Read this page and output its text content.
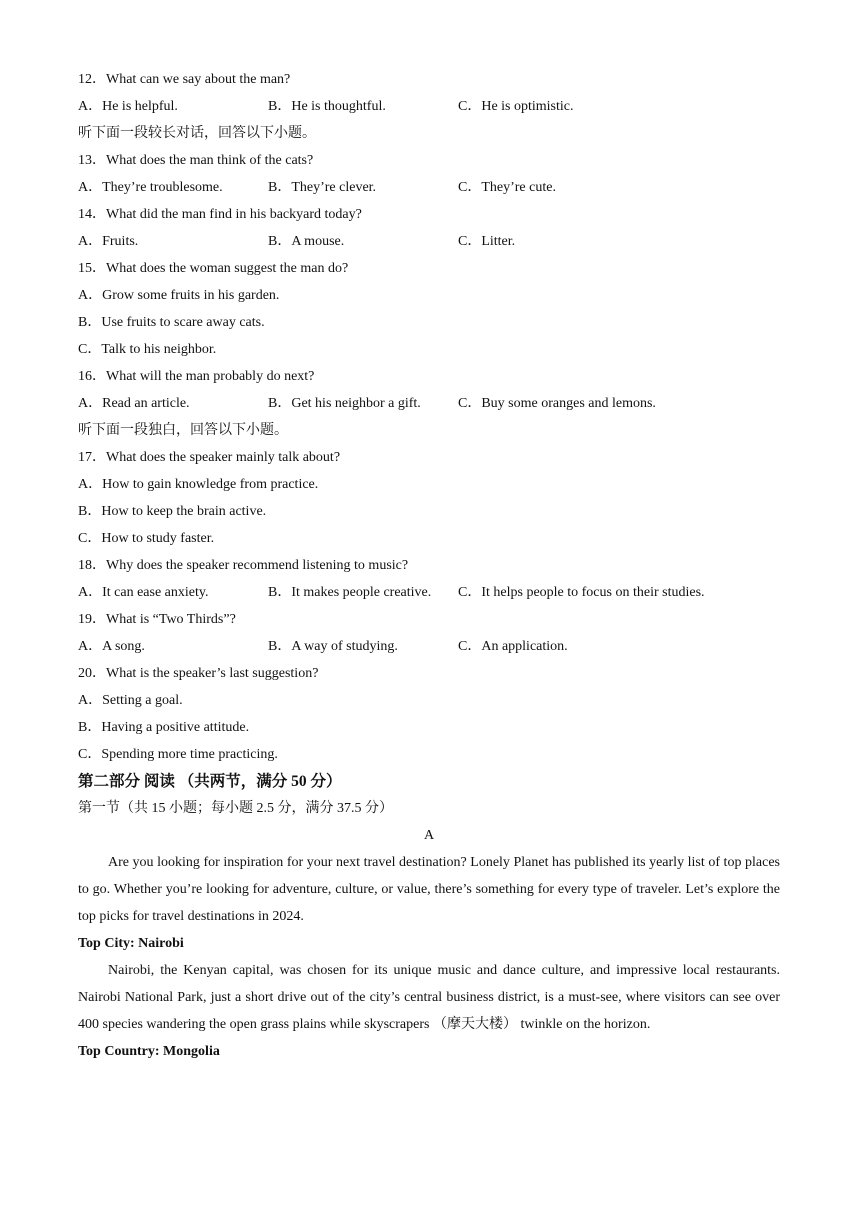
12．What can we say about the man?
A．He is helpful.	B．He is thoughtful.	C．He is optimistic.
听下面一段较长对话，回答以下小题。
13．What does the man think of the cats?
A．They’re troublesome.	B．They’re clever.	C．They’re cute.
14．What did the man find in his backyard today?
A．Fruits.	B．A mouse.	C．Litter.
15．What does the woman suggest the man do?
A．Grow some fruits in his garden.
B．Use fruits to scare away cats.
C．Talk to his neighbor.
16．What will the man probably do next?
A．Read an article.	B．Get his neighbor a gift.	C．Buy some oranges and lemons.
听下面一段独白，回答以下小题。
17．What does the speaker mainly talk about?
A．How to gain knowledge from practice.
B．How to keep the brain active.
C．How to study faster.
18．Why does the speaker recommend listening to music?
A．It can ease anxiety.	B．It makes people creative.	C．It helps people to focus on their studies.
19．What is “Two Thirds”?
A．A song.	B．A way of studying.	C．An application.
20．What is the speaker’s last suggestion?
A．Setting a goal.
B．Having a positive attitude.
C．Spending more time practicing.
第二部分 阅读 （共两节，满分 50 分）
第一节（共 15 小题；每小题 2.5 分，满分 37.5 分）
A
Are you looking for inspiration for your next travel destination? Lonely Planet has published its yearly list of top places to go. Whether you’re looking for adventure, culture, or value, there’s something for every type of traveler. Let’s explore the top picks for travel destinations in 2024.
Top City: Nairobi
Nairobi, the Kenyan capital, was chosen for its unique music and dance culture, and impressive local restaurants. Nairobi National Park, just a short drive out of the city’s central business district, is a must-see, where visitors can see over 400 species wandering the open grass plains while skyscrapers （摩天大楼） twinkle on the horizon.
Top Country: Mongolia
